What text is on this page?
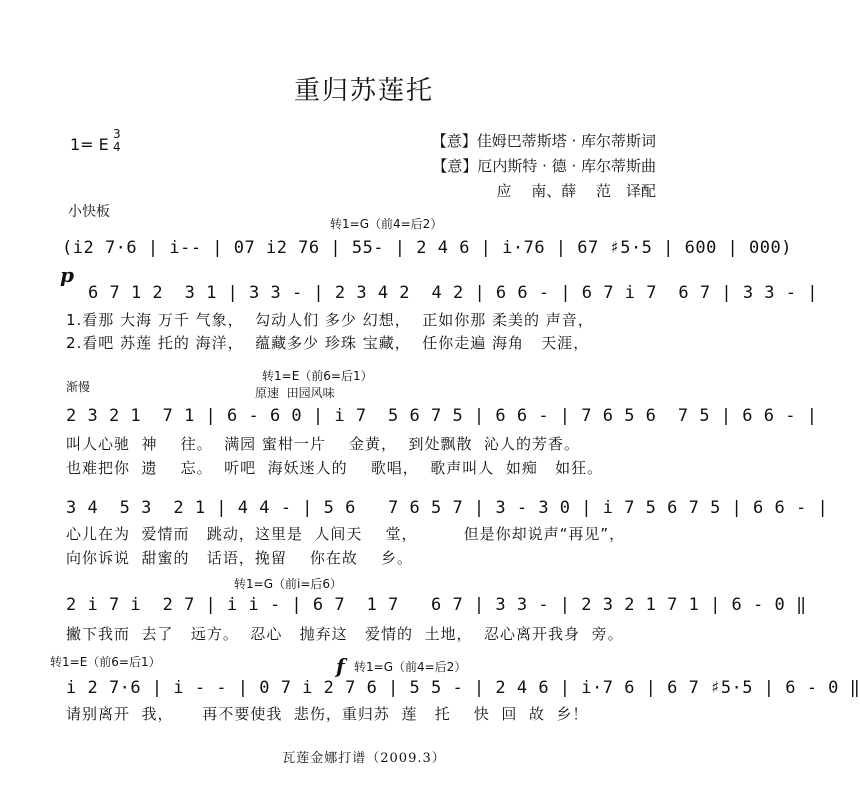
重归苏莲托
1= E
3
4	【意】佳姆巴蒂斯塔 · 库尔蒂斯词
【意】厄内斯特 · 德 · 库尔蒂斯曲
应　 南、薛　 范　译配
小快板
转1=G（前4=后2）
(i2 7·6 | i-- | 07 i2 76 | 55- | 2 4 6 | i·76 | 67 ♯5·5 | 600 | 000)
p
6 7 1 2  3 1 | 3 3 - | 2 3 4 2  4 2 | 6 6 - | 6 7 i 7  6 7 | 3 3 - |
1.看那 大海 万千 气象，  勾动人们 多少 幻想，  正如你那 柔美的 声音，
2.看吧 苏莲 托的 海洋，  蕴藏多少 珍珠 宝藏，  任你走遍 海角   天涯，
转1=E（前6=后1）
渐慢	原速  田园风味
2 3 2 1  7 1 | 6 - 6 0 | i 7  5 6 7 5 | 6 6 - | 7 6 5 6  7 5 | 6 6 - |
叫人心驰  神    往。  满园 蜜柑一片    金黄，  到处飘散  沁人的芳香。
也难把你  遗    忘。  听吧  海妖迷人的    歌唱，  歌声叫人  如痴   如狂。
3 4  5 3  2 1 | 4 4 - | 5 6   7 6 5 7 | 3 - 3 0 | i 7 5 6 7 5 | 6 6 - |
心儿在为  爱情而   跳动，这里是  人间天    堂，        但是你却说声“再见”，
向你诉说  甜蜜的   话语，挽留    你在故    乡。
转1=G（前i=后6）
2 i 7 i  2 7 | i i - | 6 7  1 7   6 7 | 3 3 - | 2 3 2 1 7 1 | 6 - 0 ‖
撇下我而  去了   远方。  忍心   抛弃这   爱情的  土地，  忍心离开我身  旁。
转1=E（前6=后1）	f 转1=G（前4=后2）
i 2 7·6 | i - - | 0 7 i 2 7 6 | 5 5 - | 2 4 6 | i·7 6 | 6 7 ♯5·5 | 6 - 0 ‖
请别离开  我，     再不要使我  悲伤，重归苏  莲   托    快  回  故  乡！
瓦莲金娜打谱（2009.3）
